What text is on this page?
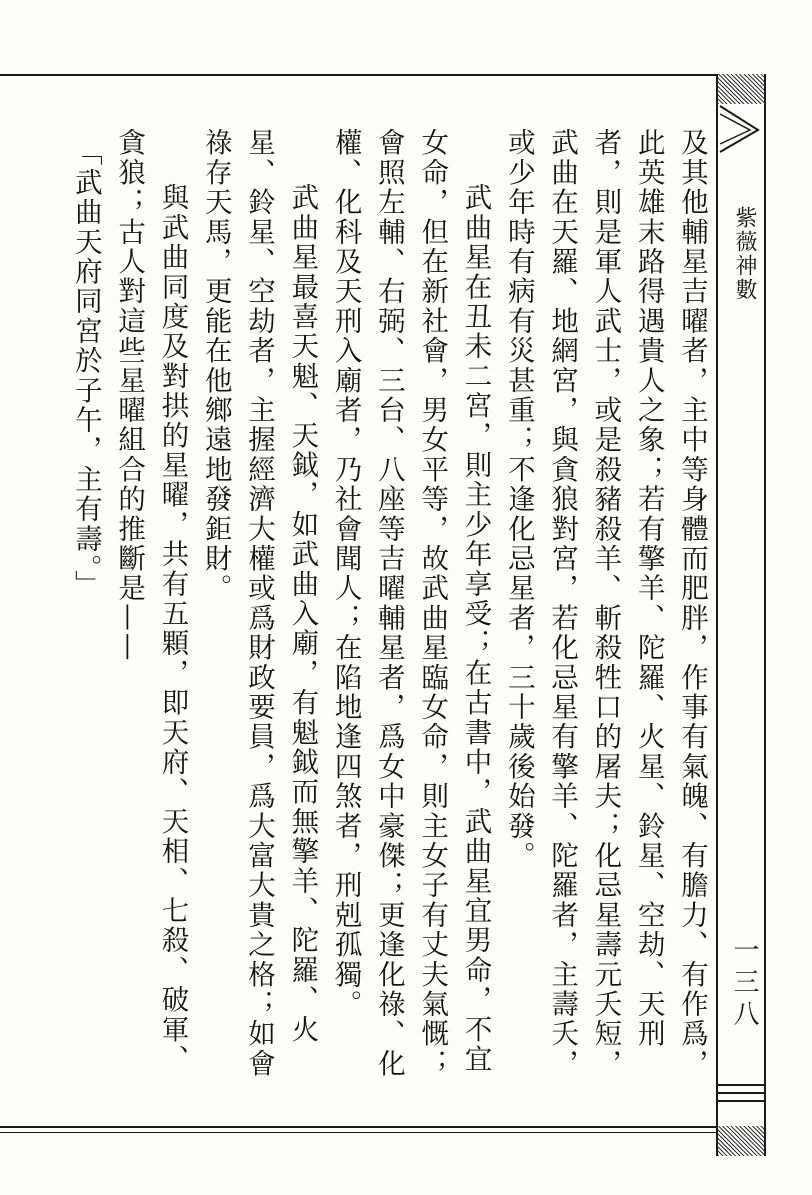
紫薇神數
一三八
及其他輔星吉曜者，主中等身體而肥胖，作事有氣魄、有膽力、有作爲，
此英雄末路得遇貴人之象；若有擎羊、陀羅、火星、鈴星、空劫、天刑
者，則是軍人武士，或是殺豬殺羊、斬殺牲口的屠夫；化忌星壽元夭短，
武曲在天羅、地網宮，與貪狼對宮，若化忌星有擎羊、陀羅者，主壽夭，
或少年時有病有災甚重；不逢化忌星者，三十歲後始發。
武曲星在丑未二宮，則主少年享受；在古書中，武曲星宜男命，不宜
女命，但在新社會，男女平等，故武曲星臨女命，則主女子有丈夫氣慨；
會照左輔、右弼、三台、八座等吉曜輔星者，爲女中豪傑；更逢化祿、化
權、化科及天刑入廟者，乃社會聞人；在陷地逢四煞者，刑剋孤獨。
武曲星最喜天魁、天鉞，如武曲入廟，有魁鉞而無擎羊、陀羅、火
星、鈴星、空劫者，主握經濟大權或爲財政要員，爲大富大貴之格；如會
祿存天馬，更能在他鄉遠地發鉅財。
與武曲同度及對拱的星曜，共有五顆，即天府、天相、七殺、破軍、
貪狼；古人對這些星曜組合的推斷是——
「武曲天府同宮於子午，主有壽。」
